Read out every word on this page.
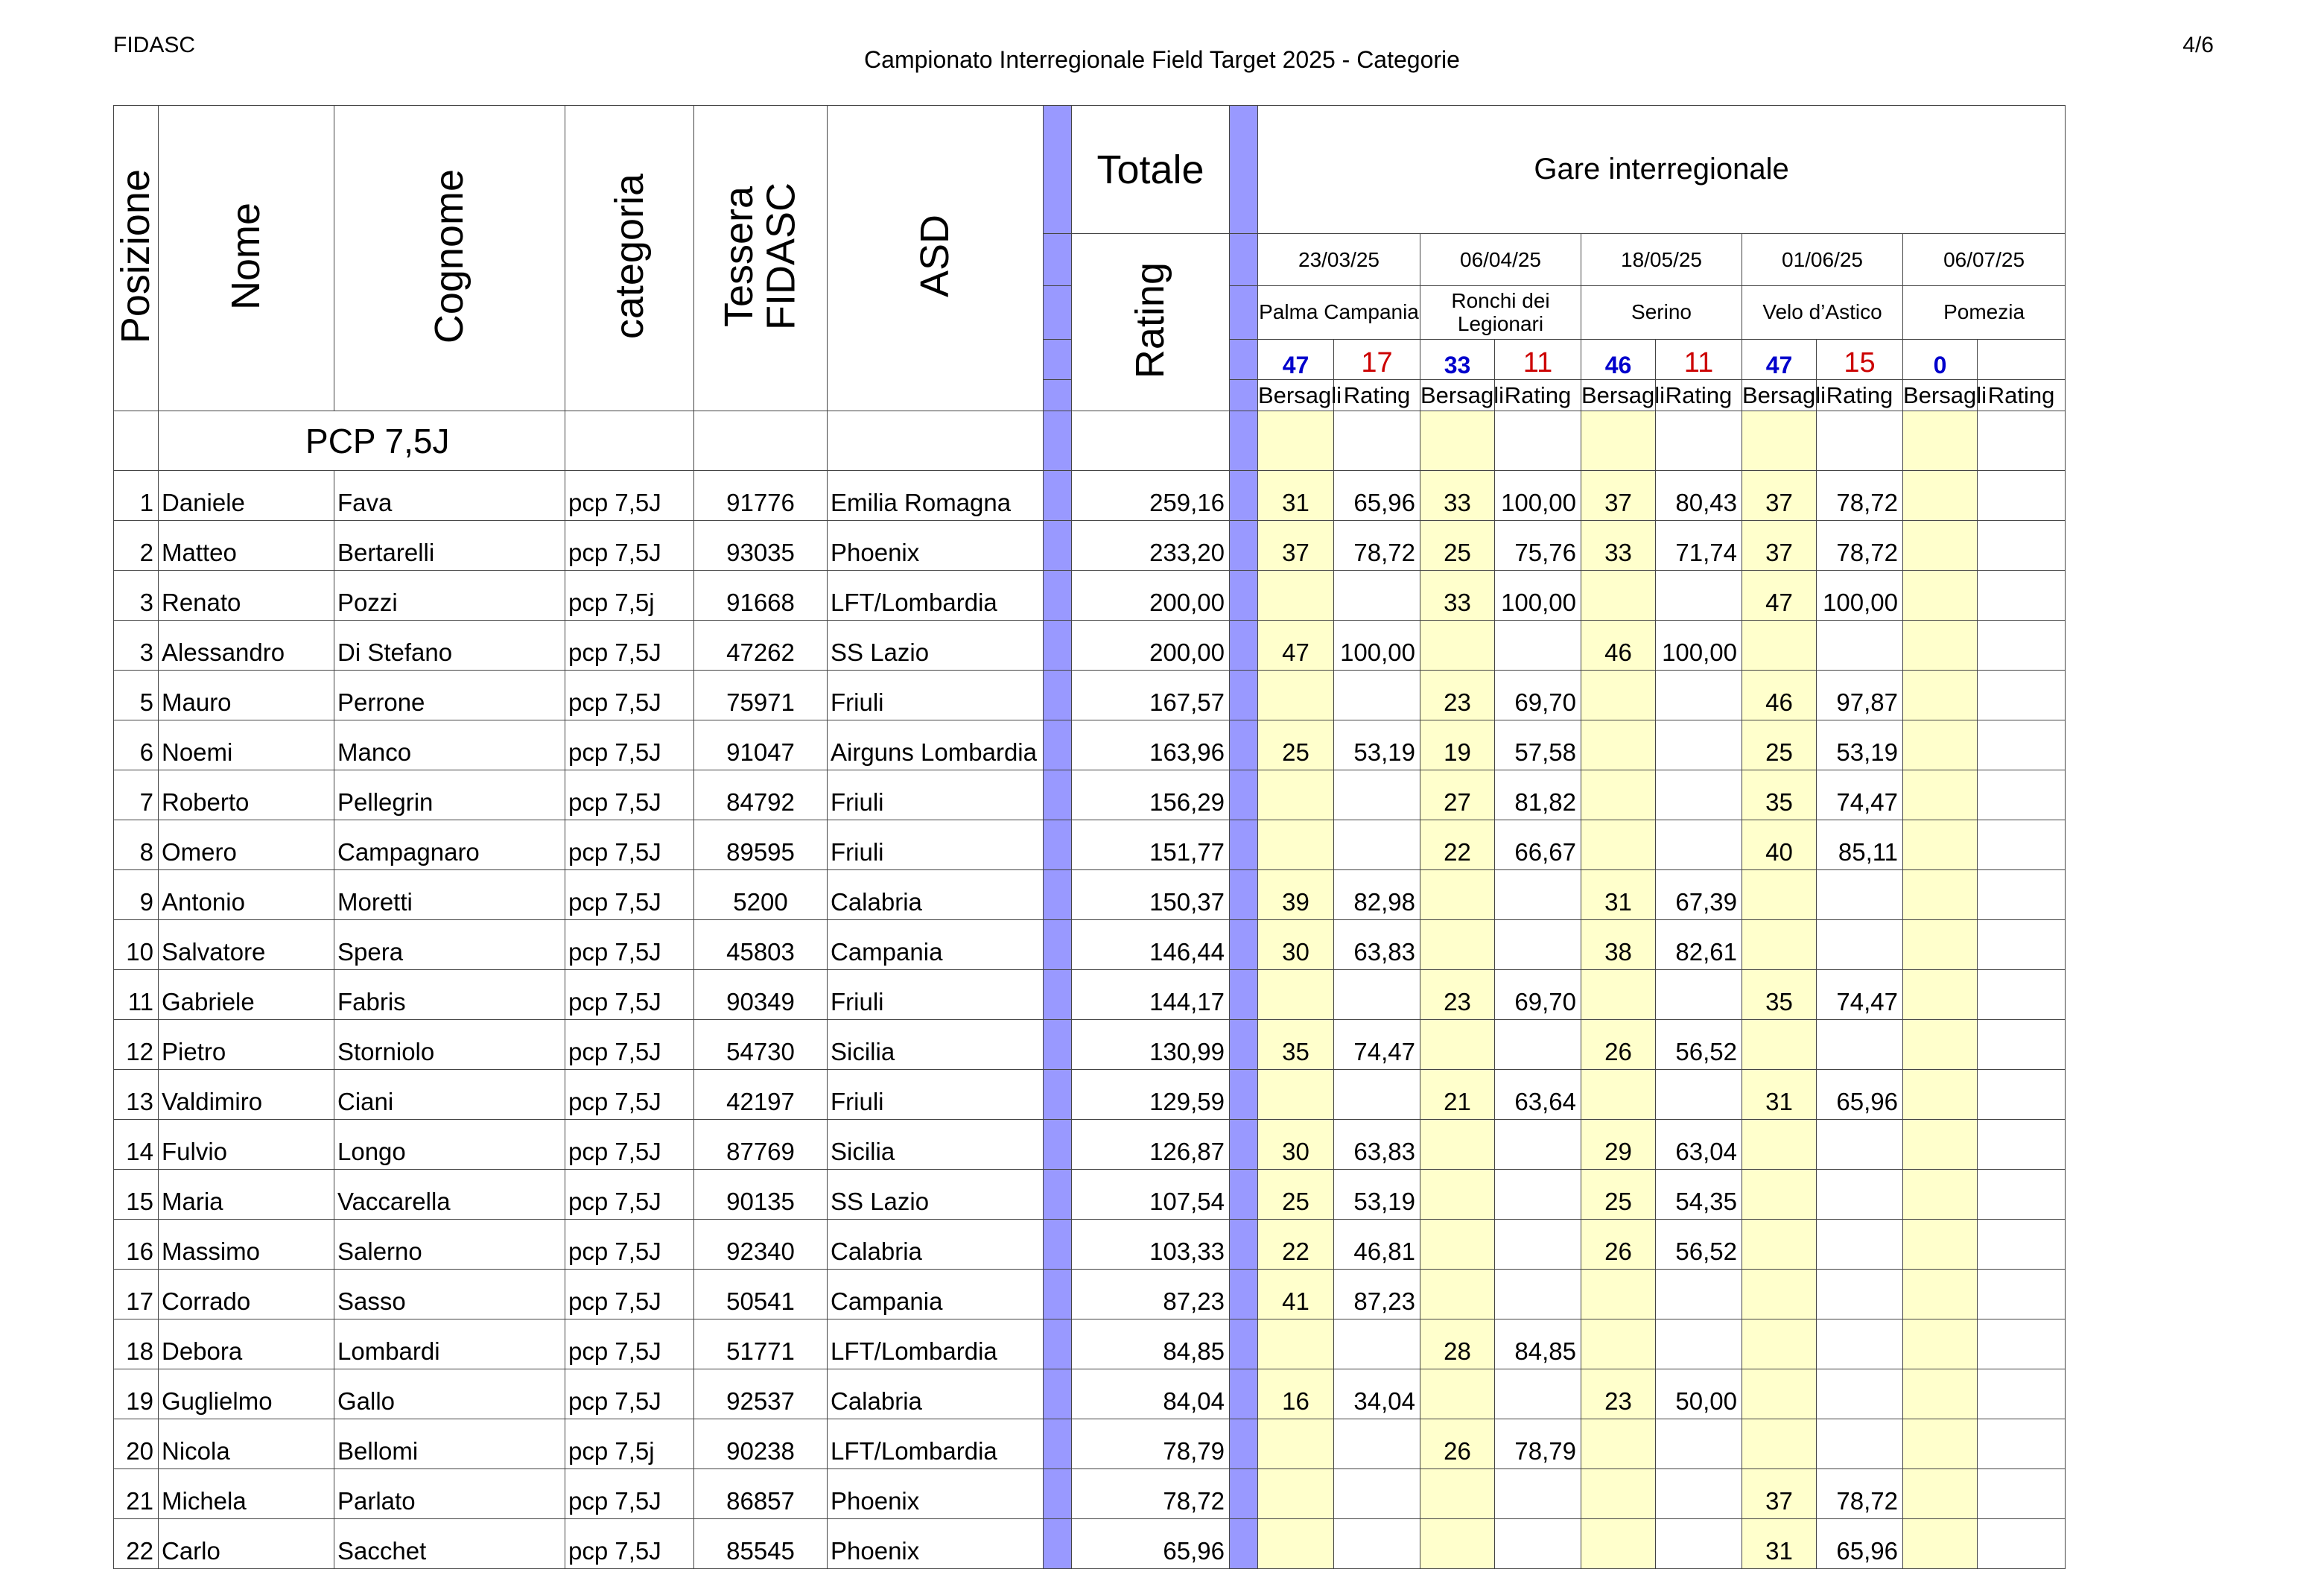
FIDASC
Campionato Interregionale Field Target 2025 - Categorie
4/6
Posizione	Nome	Cognome	categoria	Tessera
FIDASC	ASD		Totale		Gare interregionale									
							Rating		23/03/25		06/04/25		18/05/25		01/06/25		06/07/25	
									Palma Campania		Ronchi dei Legionari		Serino		Velo d’Astico		Pomezia	
									47	17	33	11	46	11	47	15	0	
									Bersagli	Rating	Bersagli	Rating	Bersagli	Rating	Bersagli	Rating	Bersagli	Rating
	PCP 7,5J																	
1	Daniele	Fava	pcp 7,5J	91776	Emilia Romagna		259,16		31	65,96	33	100,00	37	80,43	37	78,72		
2	Matteo	Bertarelli	pcp 7,5J	93035	Phoenix		233,20		37	78,72	25	75,76	33	71,74	37	78,72		
3	Renato	Pozzi	pcp 7,5j	91668	LFT/Lombardia		200,00				33	100,00			47	100,00		
3	Alessandro	Di Stefano	pcp 7,5J	47262	SS Lazio		200,00		47	100,00			46	100,00				
5	Mauro	Perrone	pcp 7,5J	75971	Friuli		167,57				23	69,70			46	97,87		
6	Noemi	Manco	pcp 7,5J	91047	Airguns Lombardia		163,96		25	53,19	19	57,58			25	53,19		
7	Roberto	Pellegrin	pcp 7,5J	84792	Friuli		156,29				27	81,82			35	74,47		
8	Omero	Campagnaro	pcp 7,5J	89595	Friuli		151,77				22	66,67			40	85,11		
9	Antonio	Moretti	pcp 7,5J	5200	Calabria		150,37		39	82,98			31	67,39				
10	Salvatore	Spera	pcp 7,5J	45803	Campania		146,44		30	63,83			38	82,61				
11	Gabriele	Fabris	pcp 7,5J	90349	Friuli		144,17				23	69,70			35	74,47		
12	Pietro	Storniolo	pcp 7,5J	54730	Sicilia		130,99		35	74,47			26	56,52				
13	Valdimiro	Ciani	pcp 7,5J	42197	Friuli		129,59				21	63,64			31	65,96		
14	Fulvio	Longo	pcp 7,5J	87769	Sicilia		126,87		30	63,83			29	63,04				
15	Maria	Vaccarella	pcp 7,5J	90135	SS Lazio		107,54		25	53,19			25	54,35				
16	Massimo	Salerno	pcp 7,5J	92340	Calabria		103,33		22	46,81			26	56,52				
17	Corrado	Sasso	pcp 7,5J	50541	Campania		87,23		41	87,23								
18	Debora	Lombardi	pcp 7,5J	51771	LFT/Lombardia		84,85				28	84,85						
19	Guglielmo	Gallo	pcp 7,5J	92537	Calabria		84,04		16	34,04			23	50,00				
20	Nicola	Bellomi	pcp 7,5j	90238	LFT/Lombardia		78,79				26	78,79						
21	Michela	Parlato	pcp 7,5J	86857	Phoenix		78,72								37	78,72		
22	Carlo	Sacchet	pcp 7,5J	85545	Phoenix		65,96								31	65,96		
